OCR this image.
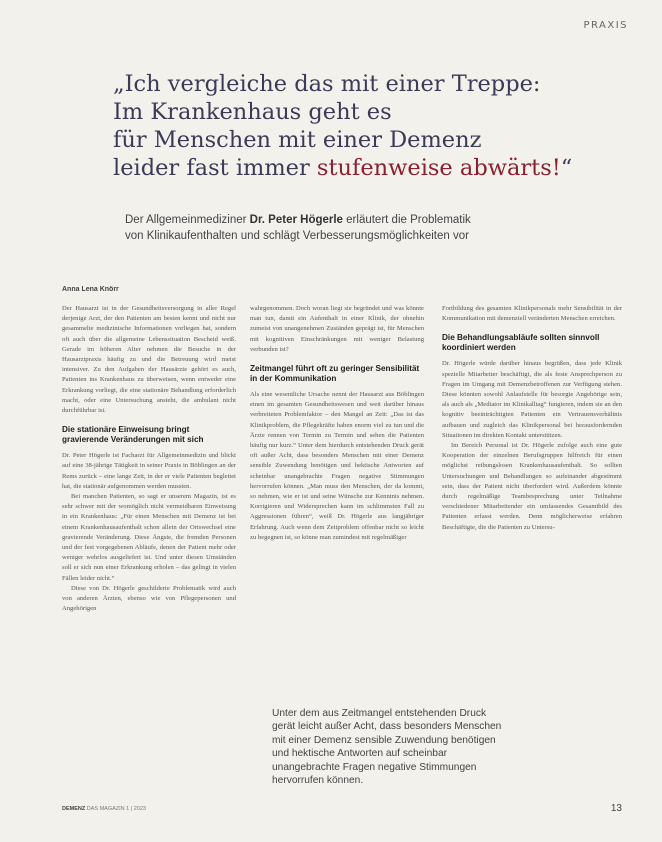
PRAXIS
„Ich vergleiche das mit einer Treppe:
Im Krankenhaus geht es
für Menschen mit einer Demenz
leider fast immer stufenweise abwärts!“

Der Allgemeinmediziner Dr. Peter Högerle erläutert die Problematik
von Klinikaufenthalten und schlägt Verbesserungsmöglichkeiten vor

Anna Lena Knörr

Der Hausarzt ist in der Gesundheitsversorgung in aller Regel derjenige Arzt, der den Patienten am besten kennt und nicht nur gesammelte medizinische Informationen vorliegen hat, sondern oft auch über die allgemeine Lebenssituation Bescheid weiß. Gerade im höheren Alter nehmen die Besuche in der Hausarztpraxis häufig zu und die Betreuung wird meist intensiver. Zu den Aufgaben der Hausärzte gehört es auch, Patienten ins Krankenhaus zu überweisen, wenn entweder eine Erkrankung vorliegt, die eine stationäre Behandlung erforderlich macht, oder eine Untersuchung ansteht, die ambulant nicht durchführbar ist.

Die stationäre Einweisung bringt gravierende Veränderungen mit sich

Dr. Peter Högerle ist Facharzt für Allgemeinmedizin und blickt auf eine 38-jährige Tätigkeit in seiner Praxis in Böblingen an der Rems zurück – eine lange Zeit, in der er viele Patienten begleitet hat, die stationär aufgenommen werden mussten.

Bei manchen Patienten, so sagt er unserem Magazin, ist es sehr schwer mit der womöglich nicht vermeidbaren Einweisung in ein Krankenhaus: „Für einen Menschen mit Demenz ist bei einem Krankenhausaufenthalt schon allein der Ortswechsel eine gravierende Veränderung. Diese Ängste, die fremden Personen und der fest vorgegebenen Abläufe, denen der Patient mehr oder weniger wehrlos ausgeliefert ist. Und unter diesen Umständen soll er sich nun einer Erkrankung erholen – das gelingt in vielen Fällen leider nicht.“

Diese von Dr. Högerle geschilderte Problematik wird auch von anderen Ärzten, ebenso wie von Pflegepersonen und Angehörigen

wahrgenommen. Doch woran liegt sie begründet und was könnte man tun, damit ein Aufenthalt in einer Klinik, der ohnehin zumeist von unangenehmen Zuständen geprägt ist, für Menschen mit kognitiven Einschränkungen mit weniger Belastung verbunden ist?

Zeitmangel führt oft zu geringer Sensibilität in der Kommunikation

Als eine wesentliche Ursache nennt der Hausarzt aus Böblingen einen im gesamten Gesundheitswesen und weit darüber hinaus verbreiteten Problemfaktor – den Mangel an Zeit: „Das ist das Klinikproblem, die Pflegekräfte haben enorm viel zu tun und die Ärzte rennen von Termin zu Termin und sehen die Patienten häufig nur kurz.“ Unter dem hierdurch entstehenden Druck gerät oft außer Acht, dass besonders Menschen mit einer Demenz sensible Zuwendung benötigen und hektische Antworten auf scheinbar unangebrachte Fragen negative Stimmungen hervorrufen können. „Man muss den Menschen, der da kommt, so nehmen, wie er ist und seine Wünsche zur Kenntnis nehmen. Korrigieren und Widersprechen kann im schlimmsten Fall zu Aggressionen führen“, weiß Dr. Högerle aus langjähriger Erfahrung. Auch wenn dem Zeitproblem offenbar nicht so leicht zu begegnen ist, so könne man zumindest mit regelmäßiger

Fortbildung des gesamten Klinikpersonals mehr Sensibilität in der Kommunikation mit demenziell veränderten Menschen erreichen.

Die Behandlungsabläufe sollten sinnvoll koordiniert werden

Dr. Högerle würde darüber hinaus begrüßen, dass jede Klinik spezielle Mitarbeiter beschäftigt, die als feste Ansprechperson zu Fragen im Umgang mit Demenzbetroffenen zur Verfügung stehen. Diese könnten sowohl Anlaufstelle für besorgte Angehörige sein, als auch als „Mediator im Klinikalltag“ fungieren, indem sie an den kognitiv beeinträchtigten Patienten ein Vertrauensverhältnis aufbauen und zugleich das Klinikpersonal bei herausfordernden Situationen im direkten Kontakt unterstützen.

Im Bereich Personal ist Dr. Högerle zufolge auch eine gute Kooperation der einzelnen Berufsgruppen hilfreich für einen möglichst reibungslosen Krankenhausaufenthalt. So sollten Untersuchungen und Behandlungen so aufeinander abgestimmt sein, dass der Patient nicht überfordert wird. Außerdem könnte durch regelmäßige Teambesprechung unter Teilnahme verschiedener Mitarbeitender ein umfassendes Gesamtbild des Patienten erfasst werden. Denn möglicherweise erfahren Beschäftigte, die die Patienten zu Untersu-

Unter dem aus Zeitmangel entstehenden Druck
gerät leicht außer Acht, dass besonders Menschen
mit einer Demenz sensible Zuwendung benötigen
und hektische Antworten auf scheinbar
unangebrachte Fragen negative Stimmungen
hervorrufen können.
DEMENZ DAS MAGAZIN 1 | 2023	13
